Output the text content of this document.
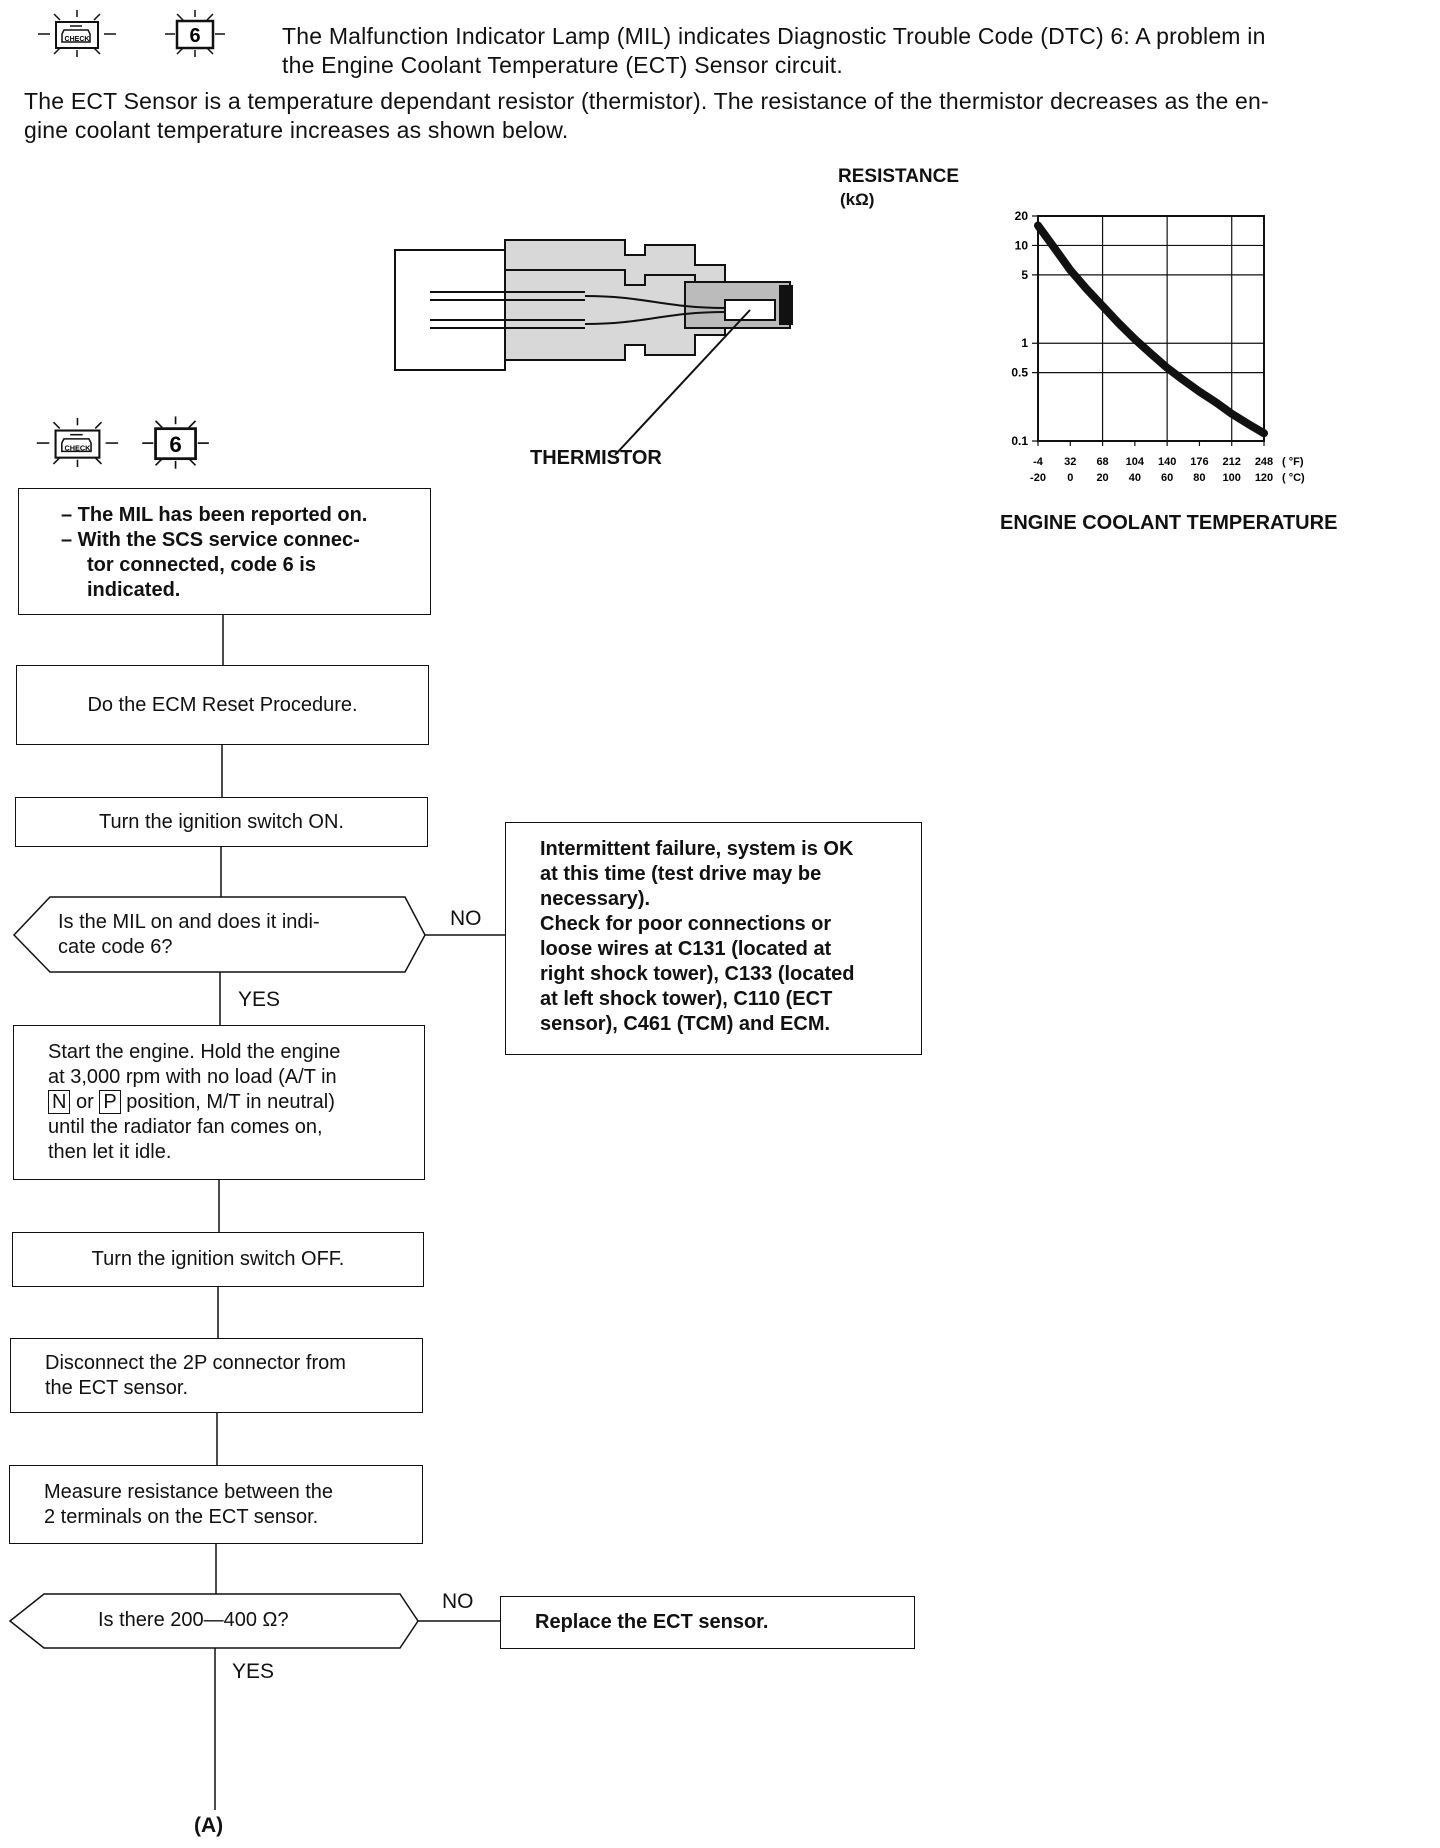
CHECK	6	The Malfunction Indicator Lamp (MIL) indicates Diagnostic Trouble Code (DTC) 6: A problem in
the Engine Coolant Temperature (ECT) Sensor circuit.
The ECT Sensor is a temperature dependant resistor (thermistor). The resistance of the thermistor decreases as the en-
gine coolant temperature increases as shown below.
THERMISTOR
RESISTANCE
(kΩ)
20
10
5
1
0.5
0.1
-4
-20
32
0
68
20
104
40
140
60
176
80
212
100
248
120
( °F)
( °C)
ENGINE COOLANT TEMPERATURE
CHECK	6
– The MIL has been reported on.
– With the SCS service connec-
tor connected, code 6 is
indicated.
Do the ECM Reset Procedure.
Turn the ignition switch ON.
Is the MIL on and does it indi-
cate code 6?
NO
YES
Intermittent failure, system is OK
at this time (test drive may be
necessary).
Check for poor connections or
loose wires at C131 (located at
right shock tower), C133 (located
at left shock tower), C110 (ECT
sensor), C461 (TCM) and ECM.
Start the engine. Hold the engine
at 3,000 rpm with no load (A/T in
N or P position, M/T in neutral)
until the radiator fan comes on,
then let it idle.
Turn the ignition switch OFF.
Disconnect the 2P connector from
the ECT sensor.
Measure resistance between the
2 terminals on the ECT sensor.
Is there 200—400 Ω?
NO
YES
Replace the ECT sensor.
(A)
